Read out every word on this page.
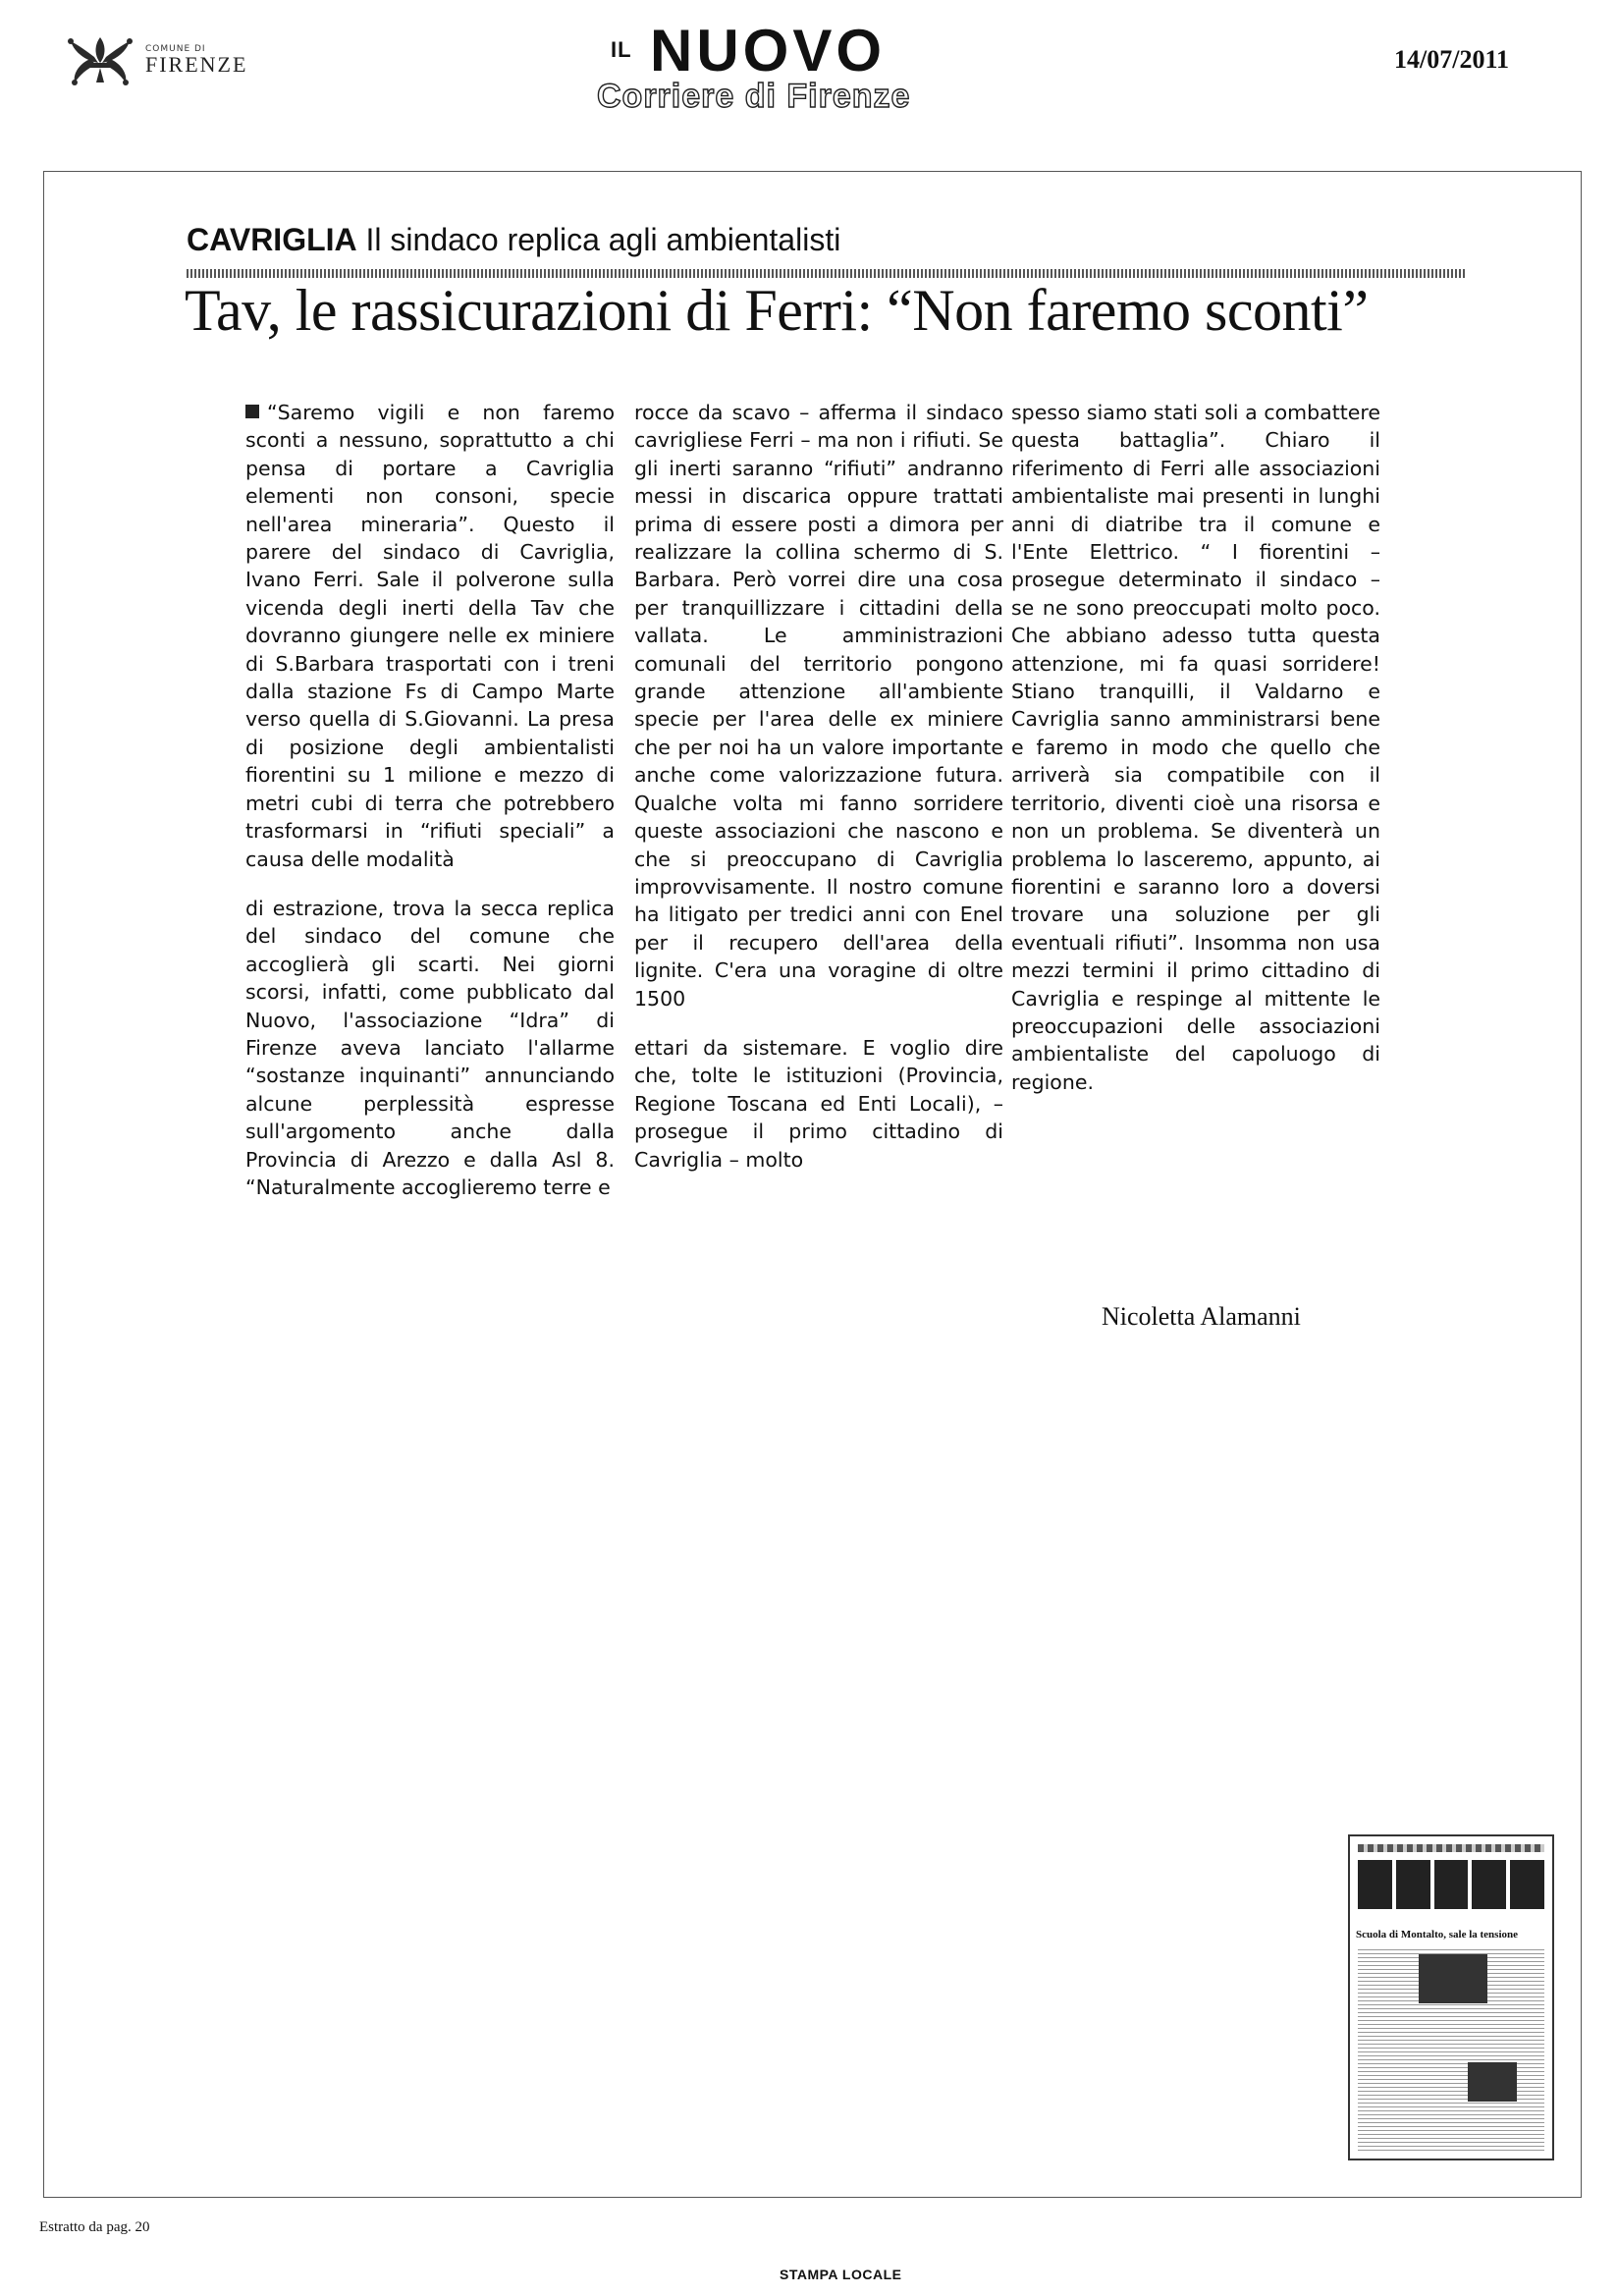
COMUNE DI
FIRENZE
IL NUOVO
Corriere di Firenze
14/07/2011
CAVRIGLIA Il sindaco replica agli ambientalisti
Tav, le rassicurazioni di Ferri: “Non faremo sconti”

“Saremo vigili e non faremo sconti a nessuno, soprattutto a chi pensa di portare a Cavriglia elementi non consoni, specie nell'area mineraria”. Questo il parere del sindaco di Cavriglia, Ivano Ferri. Sale il polverone sulla vicenda degli inerti della Tav che dovranno giungere nelle ex miniere di S.Barbara trasportati con i treni dalla stazione Fs di Campo Marte verso quella di S.Giovanni. La presa di posizione degli ambientalisti fiorentini su 1 milione e mezzo di metri cubi di terra che potrebbero trasformarsi in “rifiuti speciali” a causa delle modalità

di estrazione, trova la secca replica del sindaco del comune che accoglierà gli scarti. Nei giorni scorsi, infatti, come pubblicato dal Nuovo, l'associazione “Idra” di Firenze aveva lanciato l'allarme “sostanze inquinanti” annunciando alcune perplessità espresse sull'argomento anche dalla Provincia di Arezzo e dalla Asl 8. “Naturalmente accoglieremo terre e

rocce da scavo – afferma il sindaco cavrigliese Ferri – ma non i rifiuti. Se gli inerti saranno “rifiuti” andranno messi in discarica oppure trattati prima di essere posti a dimora per realizzare la collina schermo di S. Barbara. Però vorrei dire una cosa per tranquillizzare i cittadini della vallata. Le amministrazioni comunali del territorio pongono grande attenzione all'ambiente specie per l'area delle ex miniere che per noi ha un valore importante anche come valorizzazione futura. Qualche volta mi fanno sorridere queste associazioni che nascono e che si preoccupano di Cavriglia improvvisamente. Il nostro comune ha litigato per tredici anni con Enel per il recupero dell'area della lignite. C'era una voragine di oltre 1500

ettari da sistemare. E voglio dire che, tolte le istituzioni (Provincia, Regione Toscana ed Enti Locali), – prosegue il primo cittadino di Cavriglia – molto

spesso siamo stati soli a combattere questa battaglia”. Chiaro il riferimento di Ferri alle associazioni ambientaliste mai presenti in lunghi anni di diatribe tra il comune e l'Ente Elettrico. “ I fiorentini – prosegue determinato il sindaco – se ne sono preoccupati molto poco. Che abbiano adesso tutta questa attenzione, mi fa quasi sorridere! Stiano tranquilli, il Valdarno e Cavriglia sanno amministrarsi bene e faremo in modo che quello che arriverà sia compatibile con il territorio, diventi cioè una risorsa e non un problema. Se diventerà un problema lo lasceremo, appunto, ai fiorentini e saranno loro a doversi trovare una soluzione per gli eventuali rifiuti”. Insomma non usa mezzi termini il primo cittadino di Cavriglia e respinge al mittente le preoccupazioni delle associazioni ambientaliste del capoluogo di regione.

Nicoletta Alamanni
Scuola di Montalto, sale la tensione
Estratto da pag. 20
STAMPA LOCALE
